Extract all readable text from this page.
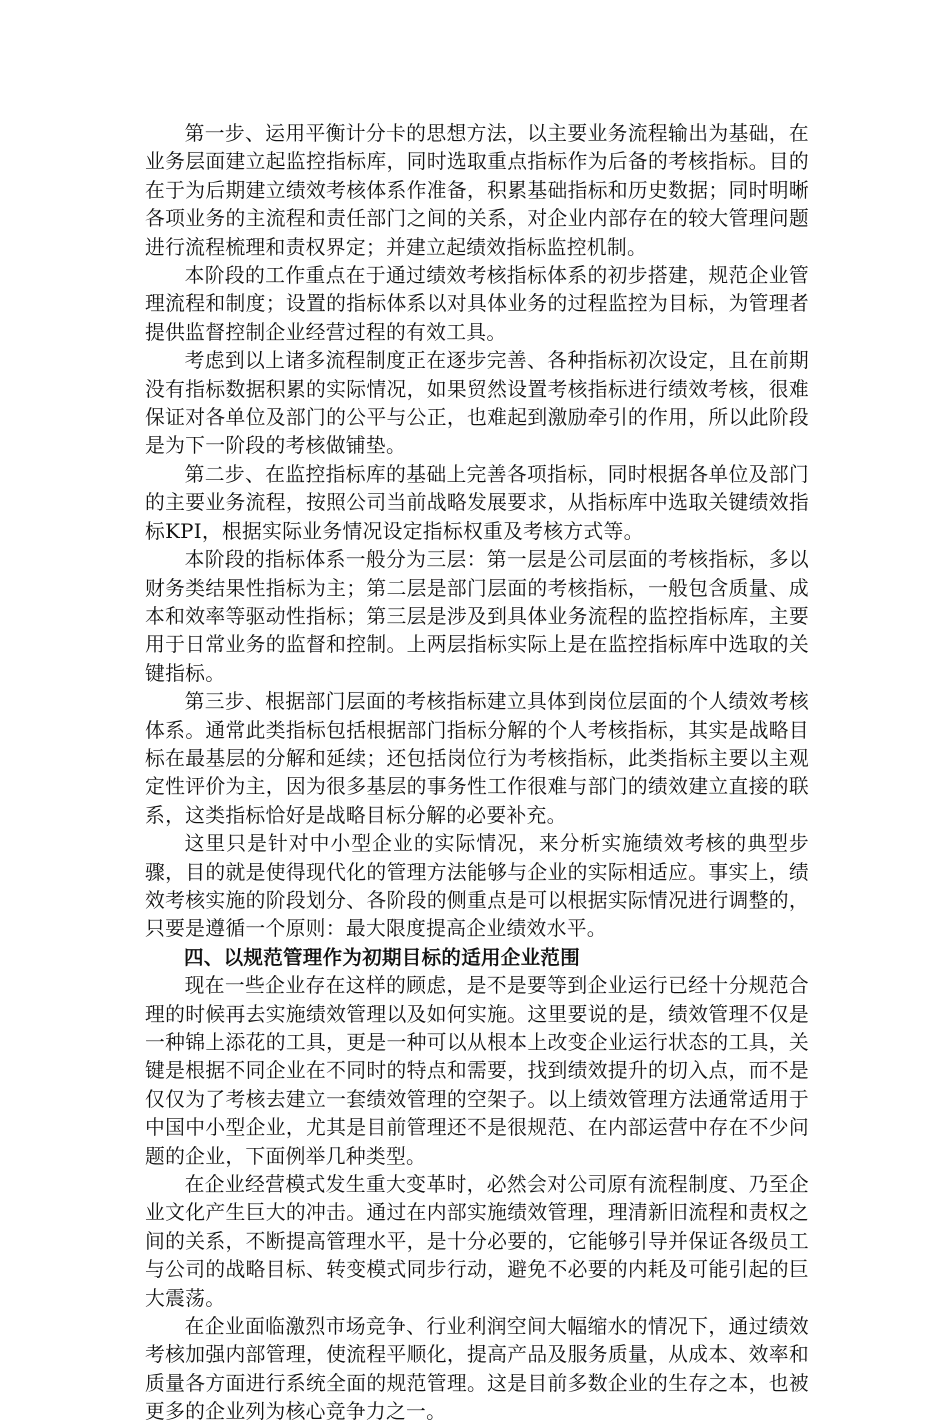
第一步、运用平衡计分卡的思想方法，以主要业务流程输出为基础，在业务层面建立起监控指标库，同时选取重点指标作为后备的考核指标。目的在于为后期建立绩效考核体系作准备，积累基础指标和历史数据；同时明晰各项业务的主流程和责任部门之间的关系，对企业内部存在的较大管理问题进行流程梳理和责权界定；并建立起绩效指标监控机制。

本阶段的工作重点在于通过绩效考核指标体系的初步搭建，规范企业管理流程和制度；设置的指标体系以对具体业务的过程监控为目标，为管理者提供监督控制企业经营过程的有效工具。

考虑到以上诸多流程制度正在逐步完善、各种指标初次设定，且在前期没有指标数据积累的实际情况，如果贸然设置考核指标进行绩效考核，很难保证对各单位及部门的公平与公正，也难起到激励牵引的作用，所以此阶段是为下一阶段的考核做铺垫。

第二步、在监控指标库的基础上完善各项指标，同时根据各单位及部门的主要业务流程，按照公司当前战略发展要求，从指标库中选取关键绩效指标KPI，根据实际业务情况设定指标权重及考核方式等。

本阶段的指标体系一般分为三层：第一层是公司层面的考核指标，多以财务类结果性指标为主；第二层是部门层面的考核指标，一般包含质量、成本和效率等驱动性指标；第三层是涉及到具体业务流程的监控指标库，主要用于日常业务的监督和控制。上两层指标实际上是在监控指标库中选取的关键指标。

第三步、根据部门层面的考核指标建立具体到岗位层面的个人绩效考核体系。通常此类指标包括根据部门指标分解的个人考核指标，其实是战略目标在最基层的分解和延续；还包括岗位行为考核指标，此类指标主要以主观定性评价为主，因为很多基层的事务性工作很难与部门的绩效建立直接的联系，这类指标恰好是战略目标分解的必要补充。

这里只是针对中小型企业的实际情况，来分析实施绩效考核的典型步骤，目的就是使得现代化的管理方法能够与企业的实际相适应。事实上，绩效考核实施的阶段划分、各阶段的侧重点是可以根据实际情况进行调整的，只要是遵循一个原则：最大限度提高企业绩效水平。

四、以规范管理作为初期目标的适用企业范围

现在一些企业存在这样的顾虑，是不是要等到企业运行已经十分规范合理的时候再去实施绩效管理以及如何实施。这里要说的是，绩效管理不仅是一种锦上添花的工具，更是一种可以从根本上改变企业运行状态的工具，关键是根据不同企业在不同时的特点和需要，找到绩效提升的切入点，而不是仅仅为了考核去建立一套绩效管理的空架子。以上绩效管理方法通常适用于中国中小型企业，尤其是目前管理还不是很规范、在内部运营中存在不少问题的企业，下面例举几种类型。

在企业经营模式发生重大变革时，必然会对公司原有流程制度、乃至企业文化产生巨大的冲击。通过在内部实施绩效管理，理清新旧流程和责权之间的关系，不断提高管理水平，是十分必要的，它能够引导并保证各级员工与公司的战略目标、转变模式同步行动，避免不必要的内耗及可能引起的巨大震荡。

在企业面临激烈市场竞争、行业利润空间大幅缩水的情况下，通过绩效考核加强内部管理，使流程平顺化，提高产品及服务质量，从成本、效率和质量各方面进行系统全面的规范管理。这是目前多数企业的生存之本，也被更多的企业列为核心竞争力之一。
